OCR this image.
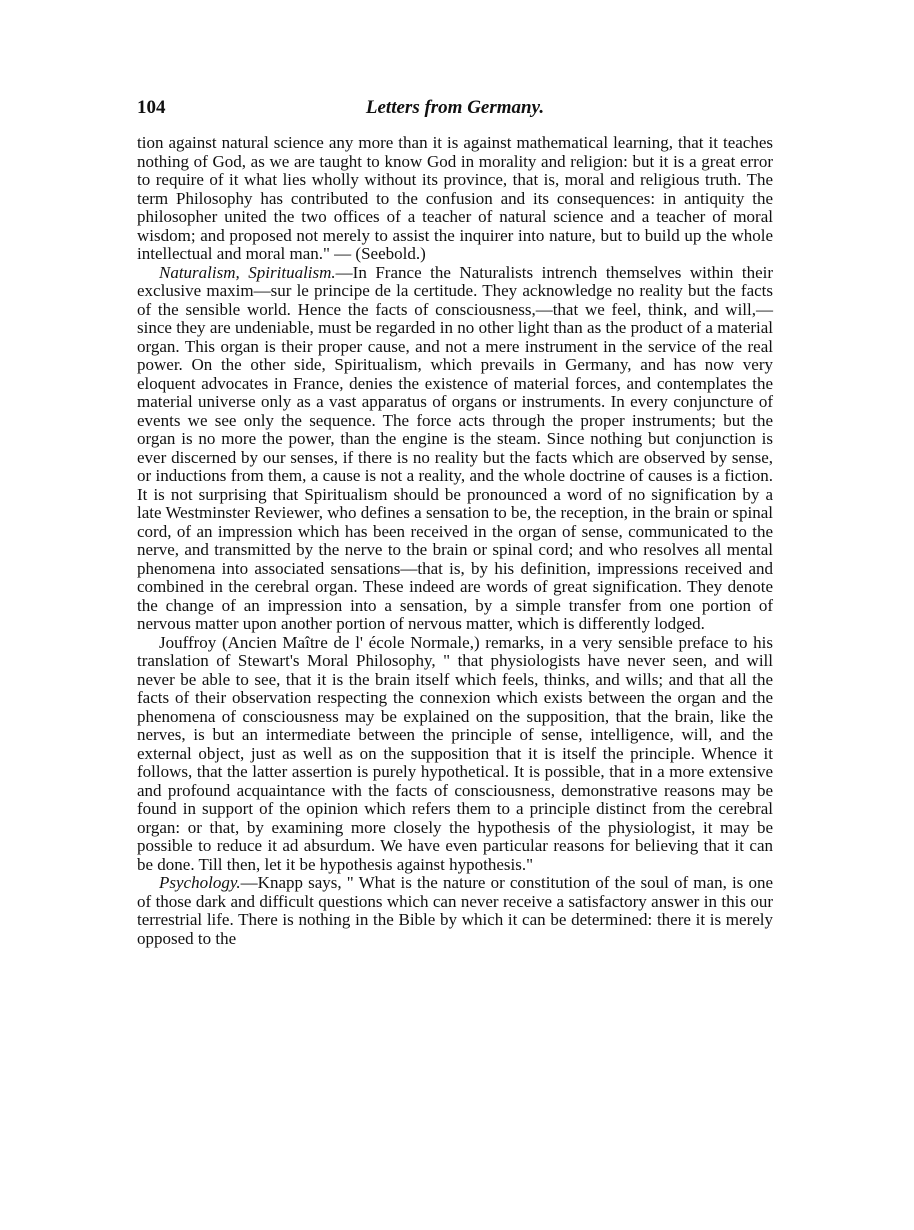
104	Letters from Germany.

tion against natural science any more than it is against mathematical learning, that it teaches nothing of God, as we are taught to know God in morality and religion: but it is a great error to require of it what lies wholly without its province, that is, moral and religious truth. The term Philosophy has contributed to the confusion and its consequences: in antiquity the philosopher united the two offices of a teacher of natural science and a teacher of moral wisdom; and proposed not merely to assist the inquirer into nature, but to build up the whole intellectual and moral man." — (Seebold.)

Naturalism, Spiritualism.—In France the Naturalists intrench themselves within their exclusive maxim—sur le principe de la certitude. They acknowledge no reality but the facts of the sensible world. Hence the facts of consciousness,—that we feel, think, and will,—since they are undeniable, must be regarded in no other light than as the product of a material organ. This organ is their proper cause, and not a mere instrument in the service of the real power. On the other side, Spiritualism, which prevails in Germany, and has now very eloquent advocates in France, denies the existence of material forces, and contemplates the material universe only as a vast apparatus of organs or instruments. In every conjuncture of events we see only the sequence. The force acts through the proper instruments; but the organ is no more the power, than the engine is the steam. Since nothing but conjunction is ever discerned by our senses, if there is no reality but the facts which are observed by sense, or inductions from them, a cause is not a reality, and the whole doctrine of causes is a fiction. It is not surprising that Spiritualism should be pronounced a word of no signification by a late Westminster Reviewer, who defines a sensation to be, the reception, in the brain or spinal cord, of an impression which has been received in the organ of sense, communicated to the nerve, and transmitted by the nerve to the brain or spinal cord; and who resolves all mental phenomena into associated sensations—that is, by his definition, impressions received and combined in the cerebral organ. These indeed are words of great signification. They denote the change of an impression into a sensation, by a simple transfer from one portion of nervous matter upon another portion of nervous matter, which is differently lodged.

Jouffroy (Ancien Maître de l' école Normale,) remarks, in a very sensible preface to his translation of Stewart's Moral Philosophy, " that physiologists have never seen, and will never be able to see, that it is the brain itself which feels, thinks, and wills; and that all the facts of their observation respecting the connexion which exists between the organ and the phenomena of consciousness may be explained on the supposition, that the brain, like the nerves, is but an intermediate between the principle of sense, intelligence, will, and the external object, just as well as on the supposition that it is itself the principle. Whence it follows, that the latter assertion is purely hypothetical. It is possible, that in a more extensive and profound acquaintance with the facts of consciousness, demonstrative reasons may be found in support of the opinion which refers them to a principle distinct from the cerebral organ: or that, by examining more closely the hypothesis of the physiologist, it may be possible to reduce it ad absurdum. We have even particular reasons for believing that it can be done. Till then, let it be hypothesis against hypothesis."

Psychology.—Knapp says, " What is the nature or constitution of the soul of man, is one of those dark and difficult questions which can never receive a satisfactory answer in this our terrestrial life. There is nothing in the Bible by which it can be determined: there it is merely opposed to the
